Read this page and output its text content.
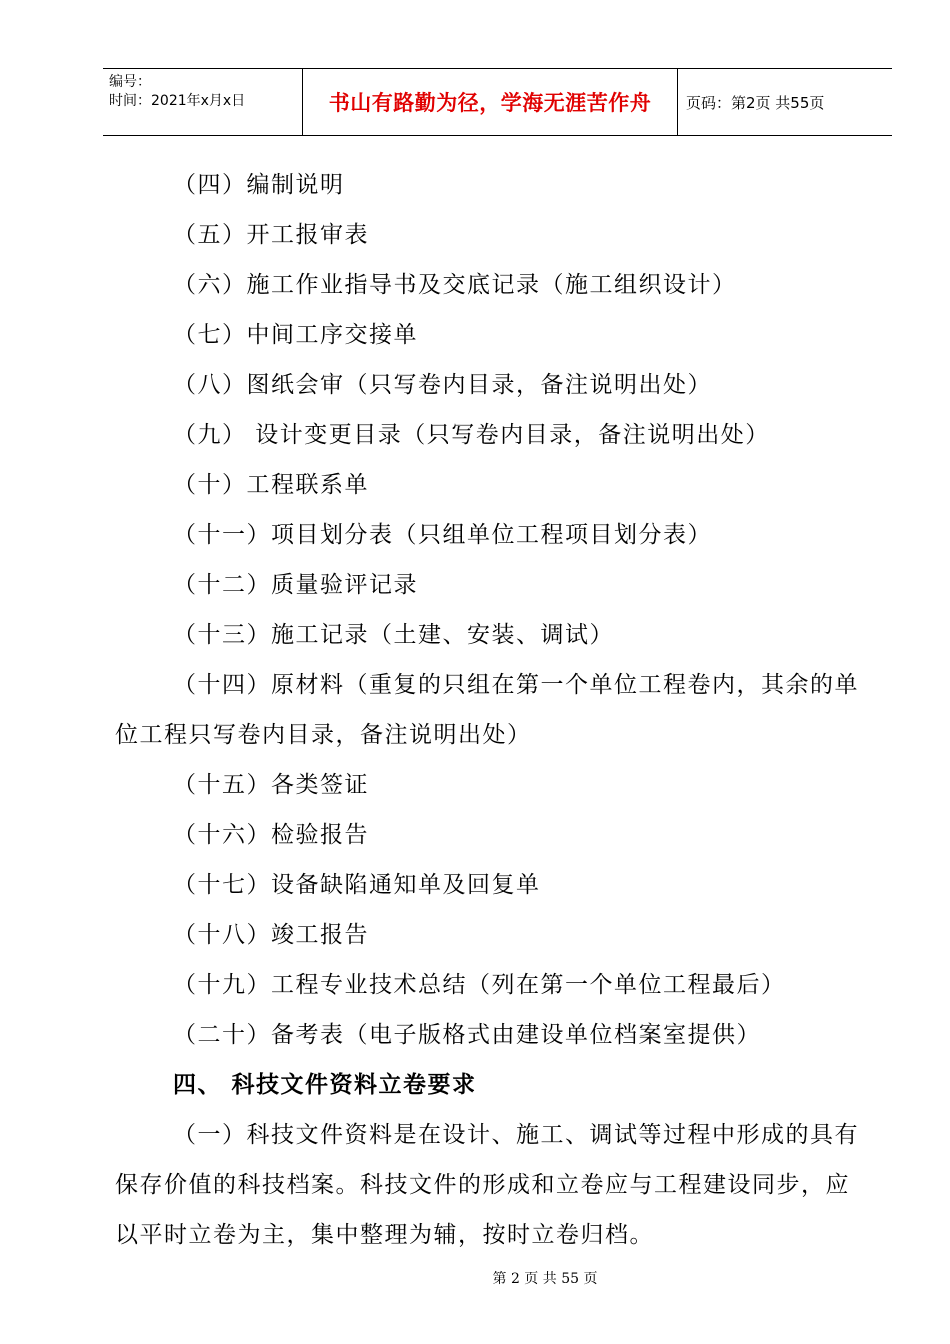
编号：
时间：2021年x月x日	书山有路勤为径，学海无涯苦作舟 页码：第2页 共55页
（四）编制说明
（五）开工报审表
（六）施工作业指导书及交底记录（施工组织设计）
（七）中间工序交接单
（八）图纸会审（只写卷内目录，备注说明出处）
（九） 设计变更目录（只写卷内目录，备注说明出处）
（十）工程联系单
（十一）项目划分表（只组单位工程项目划分表）
（十二）质量验评记录
（十三）施工记录（土建、安装、调试）
（十四）原材料（重复的只组在第一个单位工程卷内，其余的单
位工程只写卷内目录，备注说明出处）
（十五）各类签证
（十六）检验报告
（十七）设备缺陷通知单及回复单
（十八）竣工报告
（十九）工程专业技术总结（列在第一个单位工程最后）
（二十）备考表（电子版格式由建设单位档案室提供）
四、 科技文件资料立卷要求
（一）科技文件资料是在设计、施工、调试等过程中形成的具有
保存价值的科技档案。科技文件的形成和立卷应与工程建设同步，应
以平时立卷为主，集中整理为辅，按时立卷归档。
第 2 页 共 55 页
